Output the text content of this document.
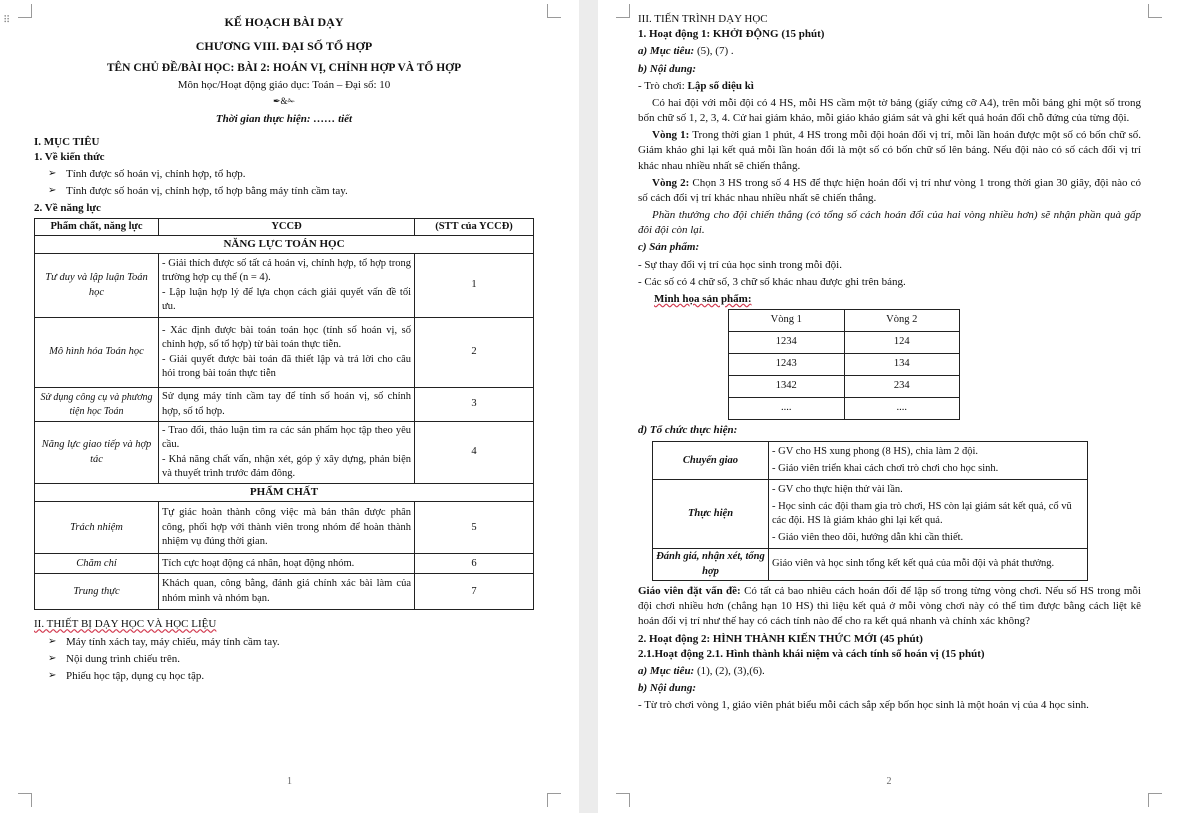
⠿	KẾ HOẠCH BÀI DẠY
CHƯƠNG VIII. ĐẠI SỐ TỔ HỢP
TÊN CHỦ ĐỀ/BÀI HỌC: BÀI 2: HOÁN VỊ, CHỈNH HỢP VÀ TỔ HỢP
Môn học/Hoạt động giáo dục: Toán – Đại số: 10
✒&✁
Thời gian thực hiện: …… tiết
I. MỤC TIÊU
1. Về kiến thức
➢ Tính được số hoán vị, chỉnh hợp, tổ hợp.
➢ Tính được số hoán vị, chỉnh hợp, tổ hợp bằng máy tính cầm tay.
2. Về năng lực
Phẩm chất, năng lực	YCCĐ	(STT của YCCĐ)
NĂNG LỰC TOÁN HỌC		
Tư duy và lập luận Toán học	- Giải thích được số tất cả hoán vị, chỉnh hợp, tổ hợp trong trường hợp cụ thể (n = 4).
- Lập luận hợp lý để lựa chọn cách giải quyết vấn đề tối ưu.	1
Mô hình hóa Toán học	- Xác định được bài toán toán học (tính số hoán vị, số chỉnh hợp, số tổ hợp) từ bài toán thực tiễn.
- Giải quyết được bài toán đã thiết lập và trả lời cho câu hỏi trong bài toán thực tiễn	2
Sử dụng công cụ và phương tiện học Toán	Sử dụng máy tính cầm tay để tính số hoán vị, số chỉnh hợp, số tổ hợp.	3
Năng lực giao tiếp và hợp tác	- Trao đổi, thảo luận tìm ra các sản phẩm học tập theo yêu cầu.
- Khả năng chất vấn, nhận xét, góp ý xây dựng, phản biện và thuyết trình trước đám đông.	4
PHẨM CHẤT		
Trách nhiệm	Tự giác hoàn thành công việc mà bản thân được phân công, phối hợp với thành viên trong nhóm để hoàn thành nhiệm vụ đúng thời gian.	5
Chăm chỉ	Tích cực hoạt động cá nhân, hoạt động nhóm.	6
Trung thực	Khách quan, công bằng, đánh giá chính xác bài làm của nhóm mình và nhóm bạn.	7
II. THIẾT BỊ DẠY HỌC VÀ HỌC LIỆU
➢ Máy tính xách tay, máy chiếu, máy tính cầm tay.
➢ Nội dung trình chiếu trên.
➢ Phiếu học tập, dụng cụ học tập.
1
III. TIẾN TRÌNH DẠY HỌC
1. Hoạt động 1: KHỞI ĐỘNG (15 phút)

a) Mục tiêu: (5), (7) .

b) Nội dung:

- Trò chơi: Lập số diệu kì

Có hai đội với mỗi đội có 4 HS, mỗi HS cầm một tờ bảng (giấy cứng cỡ A4), trên mỗi bảng ghi một số trong bốn chữ số 1, 2, 3, 4. Cử hai giám khảo, mỗi giáo khảo giám sát và ghi kết quả hoán đổi chỗ đứng của từng đội.

Vòng 1: Trong thời gian 1 phút, 4 HS trong mỗi đội hoán đổi vị trí, mỗi lần hoán được một số có bốn chữ số. Giám khảo ghi lại kết quả mỗi lần hoán đổi là một số có bốn chữ số lên bảng. Nếu đội nào có số cách đổi vị trí khác nhau nhiều nhất sẽ chiến thắng.

Vòng 2: Chọn 3 HS trong số 4 HS để thực hiện hoán đổi vị trí như vòng 1 trong thời gian 30 giây, đội nào có số cách đổi vị trí khác nhau nhiều nhất sẽ chiến thắng.

Phần thưởng cho đội chiến thắng (có tổng số cách hoán đổi của hai vòng nhiều hơn) sẽ nhận phần quà gấp đôi đội còn lại.

c) Sản phẩm:

- Sự thay đổi vị trí của học sinh trong mỗi đội.

- Các số có 4 chữ số, 3 chữ số khác nhau được ghi trên bảng.

Minh họa sản phẩm:

Vòng 1	Vòng 2
1234	124
1243	134
1342	234
....	....

d) Tổ chức thực hiện:

Chuyển giao	- GV cho HS xung phong (8 HS), chia làm 2 đội.
- Giáo viên triển khai cách chơi trò chơi cho học sinh.

Thực hiện	- GV cho thực hiện thử vài lần.
- Học sinh các đội tham gia trò chơi, HS còn lại giám sát kết quả, cổ vũ các đội. HS là giám khảo ghi lại kết quả.
- Giáo viên theo dõi, hướng dẫn khi cần thiết.

Đánh giá, nhận xét, tổng hợp	Giáo viên và học sinh tổng kết kết quả của mỗi đội và phát thưởng.

Giáo viên đặt vấn đề: Có tất cả bao nhiêu cách hoán đổi để lập số trong từng vòng chơi. Nếu số HS trong mỗi đội chơi nhiều hơn (chẳng hạn 10 HS) thì liệu kết quả ở mỗi vòng chơi này có thể tìm được bằng cách liệt kê hoán đổi vị trí như thế hay có cách tính nào để cho ra kết quả nhanh và chính xác không?

2. Hoạt động 2: HÌNH THÀNH KIẾN THỨC MỚI (45 phút)
2.1.Hoạt động 2.1. Hình thành khái niệm và cách tính số hoán vị (15 phút)

a) Mục tiêu: (1), (2), (3),(6).

b) Nội dung:

- Từ trò chơi vòng 1, giáo viên phát biểu mỗi cách sắp xếp bốn học sinh là một hoán vị của 4 học sinh.

2
